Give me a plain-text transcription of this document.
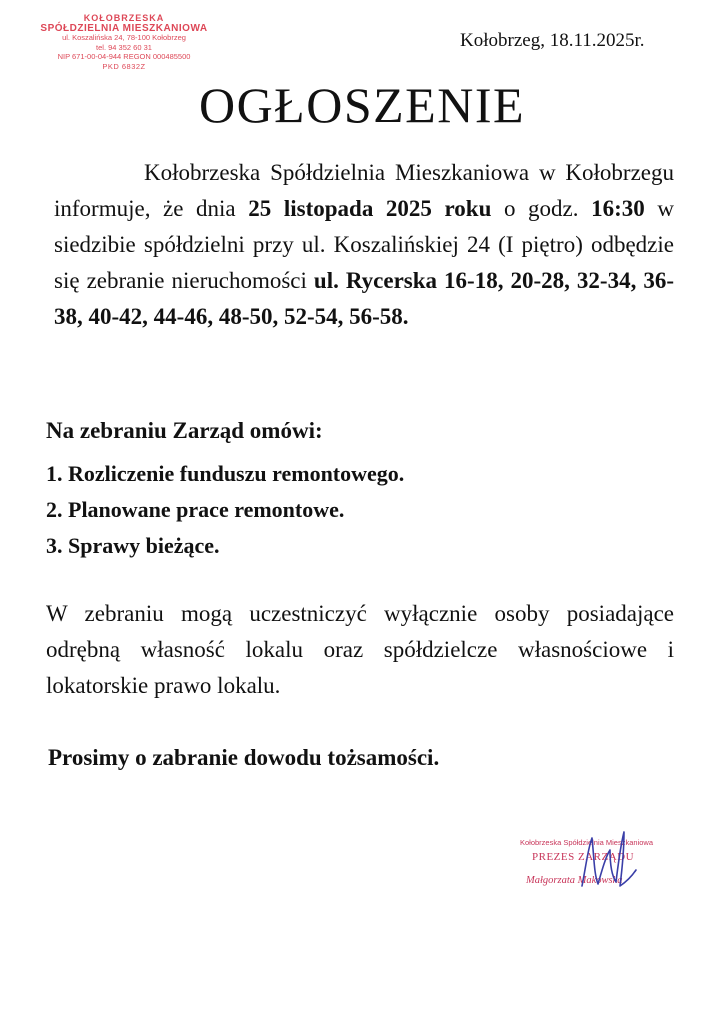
KOŁOBRZESKA
SPÓŁDZIELNIA MIESZKANIOWA
ul. Koszalińska 24, 78-100 Kołobrzeg
tel. 94 352 60 31
NIP 671-00-04-944 REGON 000485500
PKD 6832Z
Kołobrzeg, 18.11.2025r.
OGŁOSZENIE

Kołobrzeska Spółdzielnia Mieszkaniowa w Kołobrzegu informuje, że dnia 25 listopada 2025 roku o godz. 16:30 w siedzibie spółdzielni przy ul. Koszalińskiej 24 (I piętro) odbędzie się zebranie nieruchomości ul. Rycerska 16-18, 20-28, 32-34, 36-38, 40-42, 44-46, 48-50, 52-54, 56-58.

Na zebraniu Zarząd omówi:
1. Rozliczenie funduszu remontowego.
2. Planowane prace remontowe.
3. Sprawy bieżące.

W zebraniu mogą uczestniczyć wyłącznie osoby posiadające odrębną własność lokalu oraz spółdzielcze własnościowe i lokatorskie prawo lokalu.

Prosimy o zabranie dowodu tożsamości.
Kołobrzeska Spółdzielnia Mieszkaniowa
PREZES ZARZĄDU
Małgorzata Makowska
